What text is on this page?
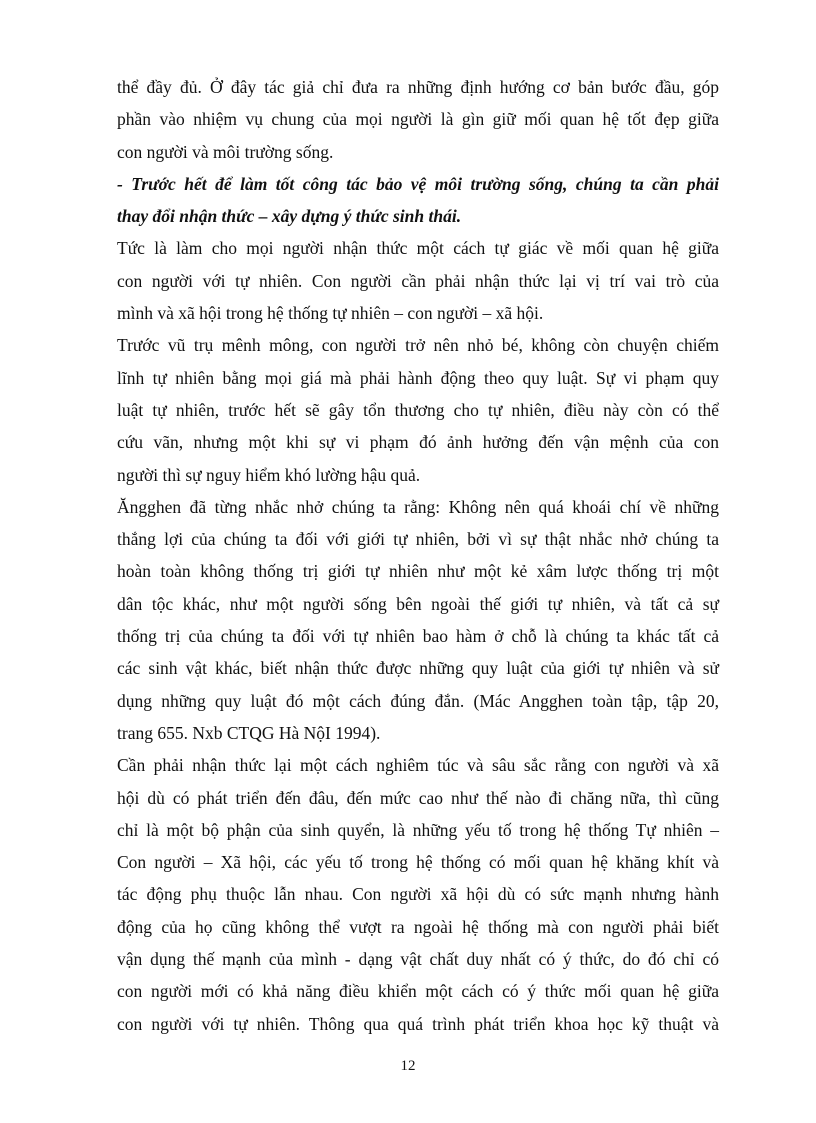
thể đầy đủ. Ở đây tác giả chỉ đưa ra những định hướng cơ bản bước đầu, góp
phần vào nhiệm vụ chung của mọi người là gìn giữ mối quan hệ tốt đẹp giữa
con người và môi trường sống.
- Trước hết để làm tốt công tác bảo vệ môi trường sống, chúng ta cần phải
thay đổi nhận thức – xây dựng ý thức sinh thái.
Tức là làm cho mọi người nhận thức một cách tự giác về mối quan hệ giữa
con người với tự nhiên. Con người cần phải nhận thức lại vị trí vai trò của
mình và xã hội trong hệ thống tự nhiên – con người – xã hội.
Trước vũ trụ mênh mông, con người trở nên nhỏ bé, không còn chuyện chiếm
lĩnh tự nhiên bằng mọi giá mà phải hành động theo quy luật. Sự vi phạm quy
luật tự nhiên, trước hết sẽ gây tổn thương cho tự nhiên, điều này còn có thể
cứu vãn, nhưng một khi sự vi phạm đó ảnh hưởng đến vận mệnh của con
người thì sự nguy hiểm khó lường hậu quả.
Ăngghen đã từng nhắc nhở chúng ta rằng: Không nên quá khoái chí về những
thắng lợi của chúng ta đối với giới tự nhiên, bởi vì sự thật nhắc nhở chúng ta
hoàn toàn không thống trị giới tự nhiên như một kẻ xâm lược thống trị một
dân tộc khác, như một người sống bên ngoài thế giới tự nhiên, và tất cả sự
thống trị của chúng ta đối với tự nhiên bao hàm ở chỗ là chúng ta khác tất cả
các sinh vật khác, biết nhận thức được những quy luật của giới tự nhiên và sử
dụng những quy luật đó một cách đúng đắn. (Mác Angghen toàn tập, tập 20,
trang 655. Nxb CTQG Hà NộI 1994).
Cần phải nhận thức lại một cách nghiêm túc và sâu sắc rằng con người và xã
hội dù có phát triển đến đâu, đến mức cao như thế nào đi chăng nữa, thì cũng
chỉ là một bộ phận của sinh quyển, là những yếu tố trong hệ thống Tự nhiên –
Con người – Xã hội, các yếu tố trong hệ thống có mối quan hệ khăng khít và
tác động phụ thuộc lẫn nhau. Con người xã hội dù có sức mạnh nhưng hành
động của họ cũng không thể vượt ra ngoài hệ thống mà con người phải biết
vận dụng thế mạnh của mình - dạng vật chất duy nhất có ý thức, do đó chỉ có
con người mới có khả năng điều khiển một cách có ý thức mối quan hệ giữa
con người với tự nhiên. Thông qua quá trình phát triển khoa học kỹ thuật và
12
